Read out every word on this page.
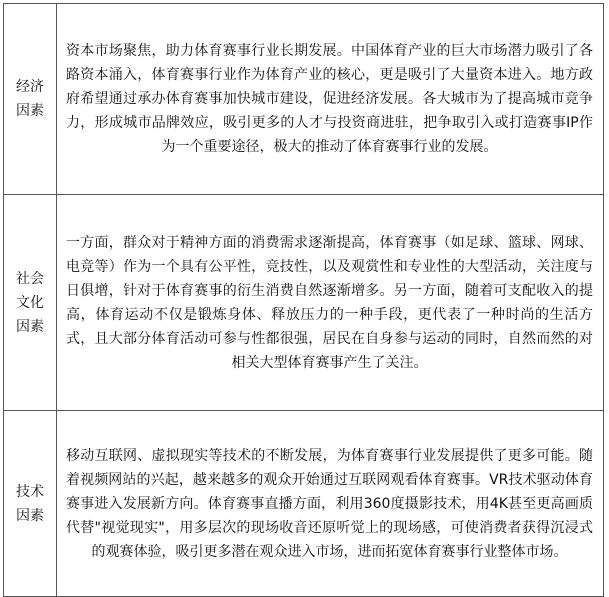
经济因素	资本市场聚焦，助力体育赛事行业长期发展。中国体育产业的巨大市场潜力吸引了各路资本涌入，体育赛事行业作为体育产业的核心，更是吸引了大量资本进入。地方政府希望通过承办体育赛事加快城市建设，促进经济发展。各大城市为了提高城市竞争力，形成城市品牌效应，吸引更多的人才与投资商进驻，把争取引入或打造赛事IP作为一个重要途径，极大的推动了体育赛事行业的发展。

社会文化因素	一方面，群众对于精神方面的消费需求逐渐提高，体育赛事（如足球、篮球、网球、电竞等）作为一个具有公平性，竞技性，以及观赏性和专业性的大型活动，关注度与日俱增，针对于体育赛事的衍生消费自然逐渐增多。另一方面，随着可支配收入的提高，体育运动不仅是锻炼身体、释放压力的一种手段，更代表了一种时尚的生活方式，且大部分体育活动可参与性都很强，居民在自身参与运动的同时，自然而然的对相关大型体育赛事产生了关注。

技术因素	移动互联网、虚拟现实等技术的不断发展，为体育赛事行业发展提供了更多可能。随着视频网站的兴起，越来越多的观众开始通过互联网观看体育赛事。VR技术驱动体育赛事进入发展新方向。体育赛事直播方面，利用360度摄影技术，用4K甚至更高画质代替"视觉现实"，用多层次的现场收音还原听觉上的现场感，可使消费者获得沉浸式的观赛体验，吸引更多潜在观众进入市场，进而拓宽体育赛事行业整体市场。
